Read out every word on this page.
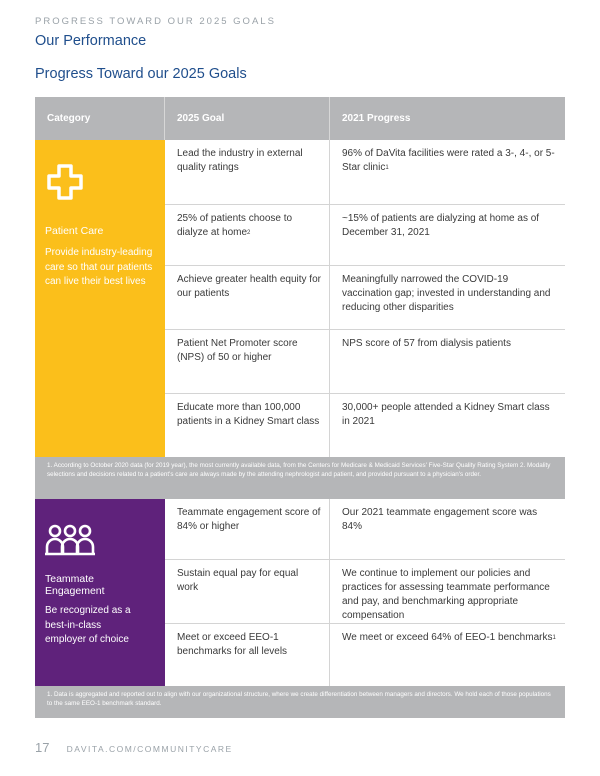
PROGRESS TOWARD OUR 2025 GOALS
Our Performance
Progress Toward our 2025 Goals
Category	2025 Goal	2021 Progress
Patient Care
Provide industry-leading care so that our patients can live their best lives
Lead the industry in external quality ratings
96% of DaVita facilities were rated a 3-, 4-, or 5-Star clinic$^1$
25% of patients choose to dialyze at home$^2$
~15% of patients are dialyzing at home as of December 31, 2021
Achieve greater health equity for our patients
Meaningfully narrowed the COVID-19 vaccination gap; invested in understanding and reducing other disparities
Patient Net Promoter score (NPS) of 50 or higher
NPS score of 57 from dialysis patients
Educate more than 100,000 patients in a Kidney Smart class
30,000+ people attended a Kidney Smart class in 2021
1. According to October 2020 data (for 2019 year), the most currently available data, from the Centers for Medicare & Medicaid Services' Five-Star Quality Rating System 2. Modality selections and decisions related to a patient's care are always made by the attending nephrologist and patient, and provided pursuant to a physician's order.
Teammate Engagement
Be recognized as a best-in-class employer of choice
Teammate engagement score of 84% or higher
Our 2021 teammate engagement score was 84%
Sustain equal pay for equal work
We continue to implement our policies and practices for assessing teammate performance and pay, and benchmarking appropriate compensation
Meet or exceed EEO-1 benchmarks for all levels
We meet or exceed 64% of EEO-1 benchmarks$^1$
1. Data is aggregated and reported out to align with our organizational structure, where we create differentiation between managers and directors. We hold each of those populations to the same EEO-1 benchmark standard.
17 DAVITA.COM/COMMUNITYCARE
